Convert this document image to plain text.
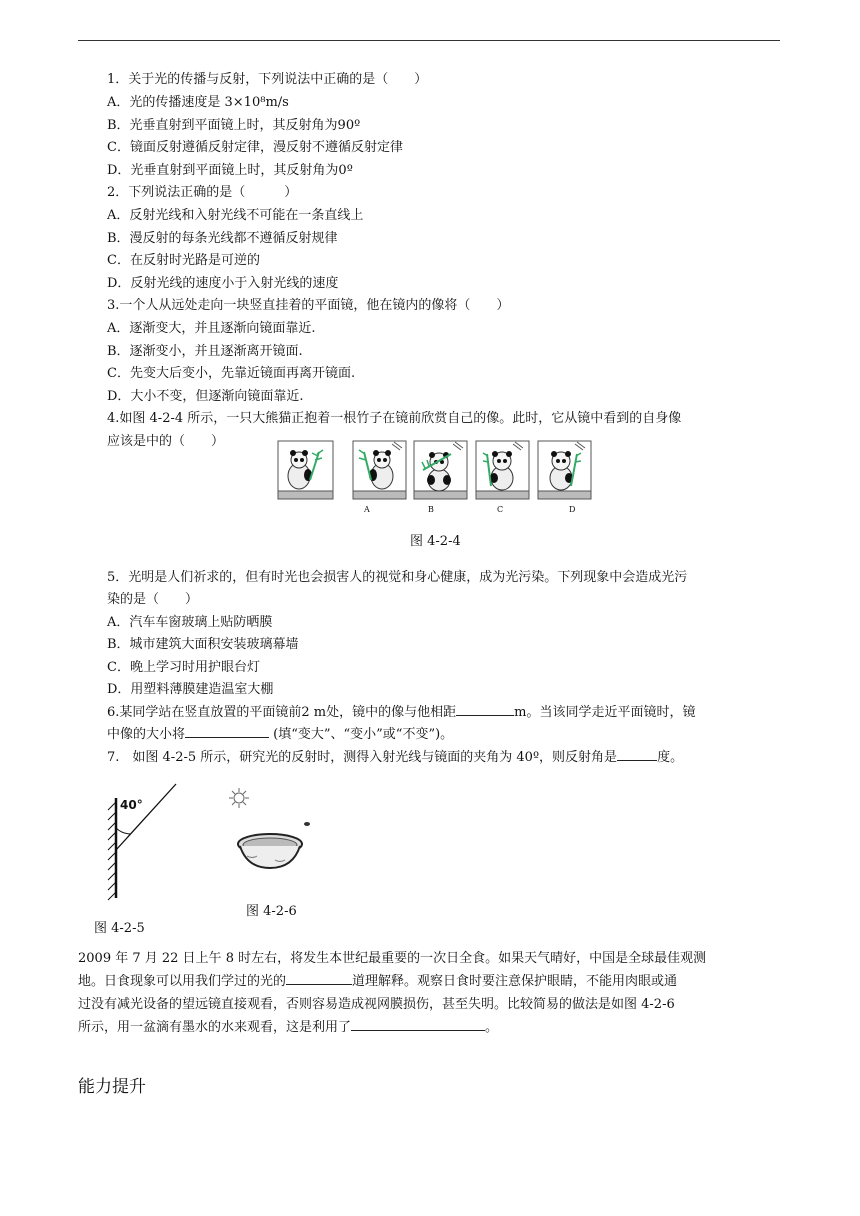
1．关于光的传播与反射，下列说法中正确的是（　　）
A．光的传播速度是 3×10⁸m/s
B．光垂直射到平面镜上时，其反射角为90º
C．镜面反射遵循反射定律，漫反射不遵循反射定律
D．光垂直射到平面镜上时，其反射角为0º
2．下列说法正确的是（　　　）
A．反射光线和入射光线不可能在一条直线上
B．漫反射的每条光线都不遵循反射规律
C．在反射时光路是可逆的
D．反射光线的速度小于入射光线的速度
3.一个人从远处走向一块竖直挂着的平面镜，他在镜内的像将（　　）
A．逐渐变大，并且逐渐向镜面靠近.
B．逐渐变小，并且逐渐离开镜面.
C．先变大后变小，先靠近镜面再离开镜面.
D．大小不变，但逐渐向镜面靠近.
4.如图 4-2-4 所示，一只大熊猫正抱着一根竹子在镜前欣赏自己的像。此时，它从镜中看到的自身像
应该是中的（　　）
A	B	C	D
图 4-2-4
5．光明是人们祈求的，但有时光也会损害人的视觉和身心健康，成为光污染。下列现象中会造成光污
染的是（　　）
A．汽车车窗玻璃上贴防晒膜
B．城市建筑大面积安装玻璃幕墙
C．晚上学习时用护眼台灯
D．用塑料薄膜建造温室大棚
6.某同学站在竖直放置的平面镜前2 m处，镜中的像与他相距	m。当该同学走近平面镜时，镜
中像的大小将	(填“变大”、“变小”或“不变”)。
7.　如图 4-2-5 所示，研究光的反射时，测得入射光线与镜面的夹角为 40º，则反射角是	度。
40°
图 4-2-6
图 4-2-5
2009 年 7 月 22 日上午 8 时左右，将发生本世纪最重要的一次日全食。如果天气晴好，中国是全球最佳观测
地。日食现象可以用我们学过的光的	道理解释。观察日食时要注意保护眼睛，不能用肉眼或通
过没有减光设备的望远镜直接观看，否则容易造成视网膜损伤，甚至失明。比较简易的做法是如图 4-2-6
所示，用一盆滴有墨水的水来观看，这是利用了	。
能力提升
